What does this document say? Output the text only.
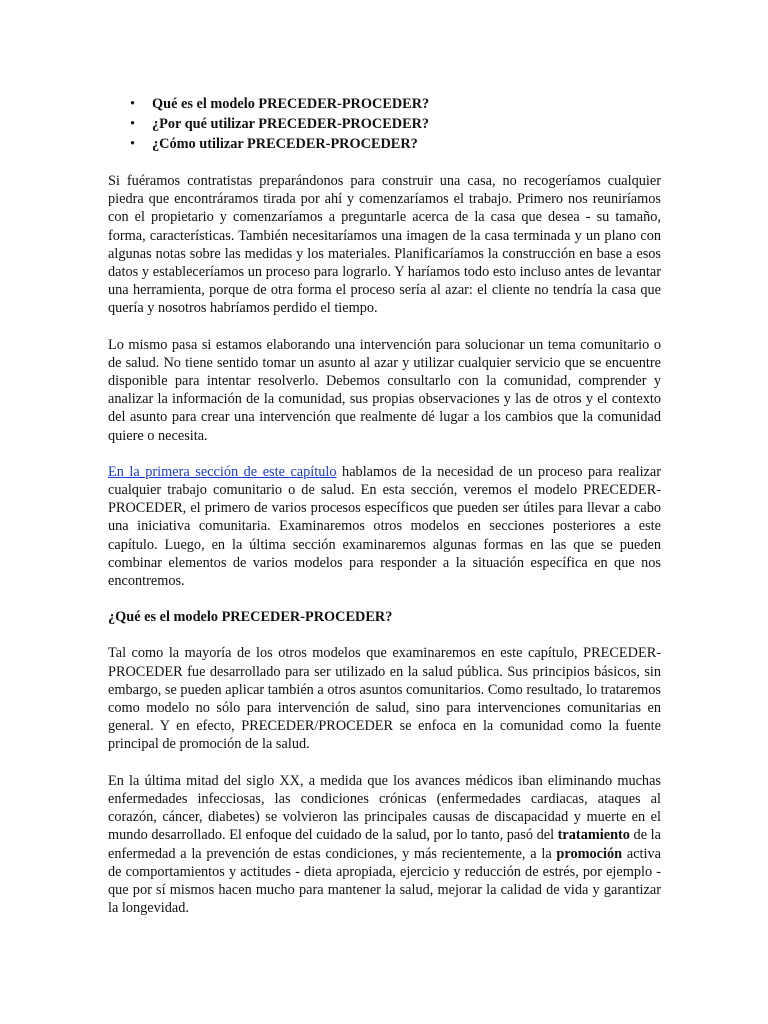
• Qué es el modelo PRECEDER-PROCEDER?
• ¿Por qué utilizar PRECEDER-PROCEDER?
• ¿Cómo utilizar PRECEDER-PROCEDER?

Si fuéramos contratistas preparándonos para construir una casa, no recogeríamos cualquier piedra que encontráramos tirada por ahí y comenzaríamos el trabajo. Primero nos reuniríamos con el propietario y comenzaríamos a preguntarle acerca de la casa que desea - su tamaño, forma, características. También necesitaríamos una imagen de la casa terminada y un plano con algunas notas sobre las medidas y los materiales. Planificaríamos la construcción en base a esos datos y estableceríamos un proceso para lograrlo. Y haríamos todo esto incluso antes de levantar una herramienta, porque de otra forma el proceso sería al azar: el cliente no tendría la casa que quería y nosotros habríamos perdido el tiempo.

Lo mismo pasa si estamos elaborando una intervención para solucionar un tema comunitario o de salud. No tiene sentido tomar un asunto al azar y utilizar cualquier servicio que se encuentre disponible para intentar resolverlo. Debemos consultarlo con la comunidad, comprender y analizar la información de la comunidad, sus propias observaciones y las de otros y el contexto del asunto para crear una intervención que realmente dé lugar a los cambios que la comunidad quiere o necesita.

En la primera sección de este capítulo hablamos de la necesidad de un proceso para realizar cualquier trabajo comunitario o de salud. En esta sección, veremos el modelo PRECEDER-PROCEDER, el primero de varios procesos específicos que pueden ser útiles para llevar a cabo una iniciativa comunitaria. Examinaremos otros modelos en secciones posteriores a este capítulo. Luego, en la última sección examinaremos algunas formas en las que se pueden combinar elementos de varios modelos para responder a la situación específica en que nos encontremos.

¿Qué es el modelo PRECEDER-PROCEDER?

Tal como la mayoría de los otros modelos que examinaremos en este capítulo, PRECEDER-PROCEDER fue desarrollado para ser utilizado en la salud pública. Sus principios básicos, sin embargo, se pueden aplicar también a otros asuntos comunitarios. Como resultado, lo trataremos como modelo no sólo para intervención de salud, sino para intervenciones comunitarias en general. Y en efecto, PRECEDER/PROCEDER se enfoca en la comunidad como la fuente principal de promoción de la salud.

En la última mitad del siglo XX, a medida que los avances médicos iban eliminando muchas enfermedades infecciosas, las condiciones crónicas (enfermedades cardiacas, ataques al corazón, cáncer, diabetes) se volvieron las principales causas de discapacidad y muerte en el mundo desarrollado. El enfoque del cuidado de la salud, por lo tanto, pasó del tratamiento de la enfermedad a la prevención de estas condiciones, y más recientemente, a la promoción activa de comportamientos y actitudes - dieta apropiada, ejercicio y reducción de estrés, por ejemplo - que por sí mismos hacen mucho para mantener la salud, mejorar la calidad de vida y garantizar la longevidad.
